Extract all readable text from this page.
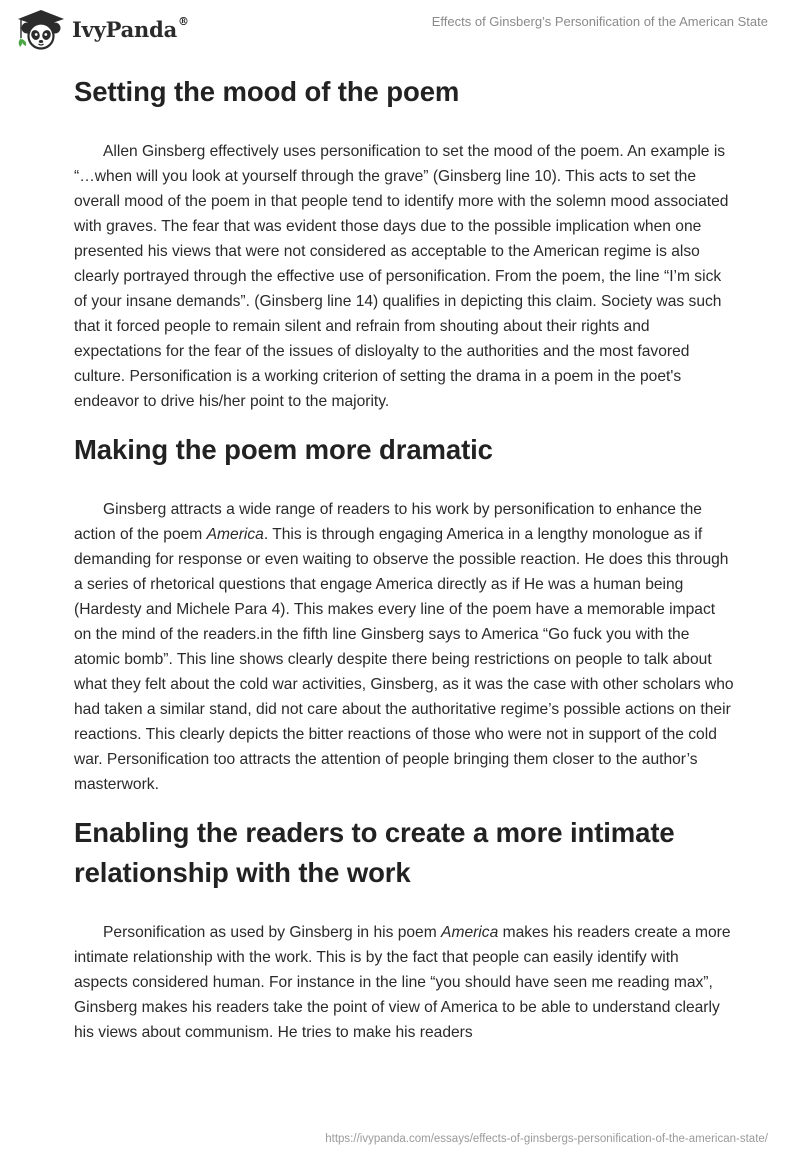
IvyPanda®	Effects of Ginsberg’s Personification of the American State
Setting the mood of the poem

Allen Ginsberg effectively uses personification to set the mood of the poem. An example is “…when will you look at yourself through the grave” (Ginsberg line 10). This acts to set the overall mood of the poem in that people tend to identify more with the solemn mood associated with graves. The fear that was evident those days due to the possible implication when one presented his views that were not considered as acceptable to the American regime is also clearly portrayed through the effective use of personification. From the poem, the line “I’m sick of your insane demands”. (Ginsberg line 14) qualifies in depicting this claim. Society was such that it forced people to remain silent and refrain from shouting about their rights and expectations for the fear of the issues of disloyalty to the authorities and the most favored culture. Personification is a working criterion of setting the drama in a poem in the poet's endeavor to drive his/her point to the majority.

Making the poem more dramatic

Ginsberg attracts a wide range of readers to his work by personification to enhance the action of the poem America. This is through engaging America in a lengthy monologue as if demanding for response or even waiting to observe the possible reaction. He does this through a series of rhetorical questions that engage America directly as if He was a human being (Hardesty and Michele Para 4). This makes every line of the poem have a memorable impact on the mind of the readers.in the fifth line Ginsberg says to America “Go fuck you with the atomic bomb”. This line shows clearly despite there being restrictions on people to talk about what they felt about the cold war activities, Ginsberg, as it was the case with other scholars who had taken a similar stand, did not care about the authoritative regime’s possible actions on their reactions. This clearly depicts the bitter reactions of those who were not in support of the cold war. Personification too attracts the attention of people bringing them closer to the author’s masterwork.

Enabling the readers to create a more intimate relationship with the work

Personification as used by Ginsberg in his poem America makes his readers create a more intimate relationship with the work. This is by the fact that people can easily identify with aspects considered human. For instance in the line “you should have seen me reading max”, Ginsberg makes his readers take the point of view of America to be able to understand clearly his views about communism. He tries to make his readers

https://ivypanda.com/essays/effects-of-ginsbergs-personification-of-the-american-state/
